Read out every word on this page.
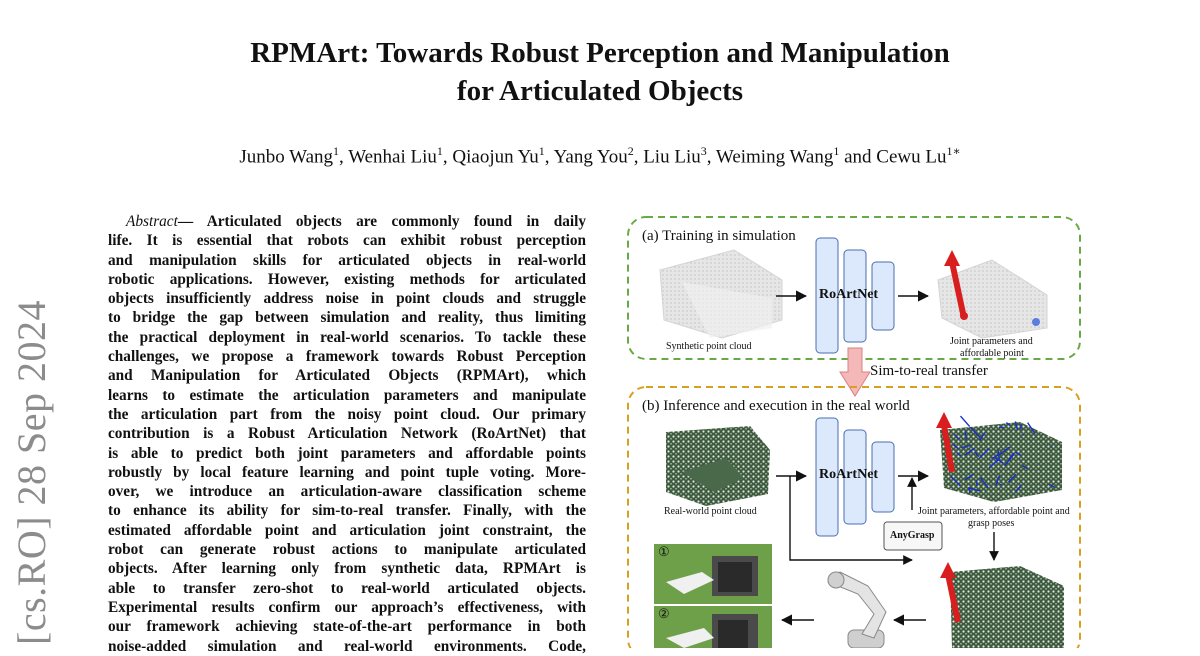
RPMArt: Towards Robust Perception and Manipulation
for Articulated Objects
Junbo Wang$^1$, Wenhai Liu$^1$, Qiaojun Yu$^1$, Yang You$^2$, Liu Liu$^3$, Weiming Wang$^1$ and Cewu $Lu^{1∗}$
[cs.RO] 28 Sep 2024
Abstract— Articulated objects are commonly found in daily
life. It is essential that robots can exhibit robust perception
and manipulation skills for articulated objects in real-world
robotic applications. However, existing methods for articulated
objects insufficiently address noise in point clouds and struggle
to bridge the gap between simulation and reality, thus limiting
the practical deployment in real-world scenarios. To tackle these
challenges, we propose a framework towards Robust Perception
and Manipulation for Articulated Objects (RPMArt), which
learns to estimate the articulation parameters and manipulate
the articulation part from the noisy point cloud. Our primary
contribution is a Robust Articulation Network (RoArtNet) that
is able to predict both joint parameters and affordable points
robustly by local feature learning and point tuple voting. More-
over, we introduce an articulation-aware classification scheme
to enhance its ability for sim-to-real transfer. Finally, with the
estimated affordable point and articulation joint constraint, the
robot can generate robust actions to manipulate articulated
objects. After learning only from synthetic data, RPMArt is
able to transfer zero-shot to real-world articulated objects.
Experimental results confirm our approach’s effectiveness, with
our framework achieving state-of-the-art performance in both
noise-added simulation and real-world environments. Code,
(a) Training in simulation
RoArtNet
Synthetic point cloud	Joint parameters and
affordable point
Sim-to-real transfer
(b) Inference and execution in the real world
RoArtNet
Real-world point cloud	Joint parameters, affordable point and
grasp poses
AnyGrasp
①
②
